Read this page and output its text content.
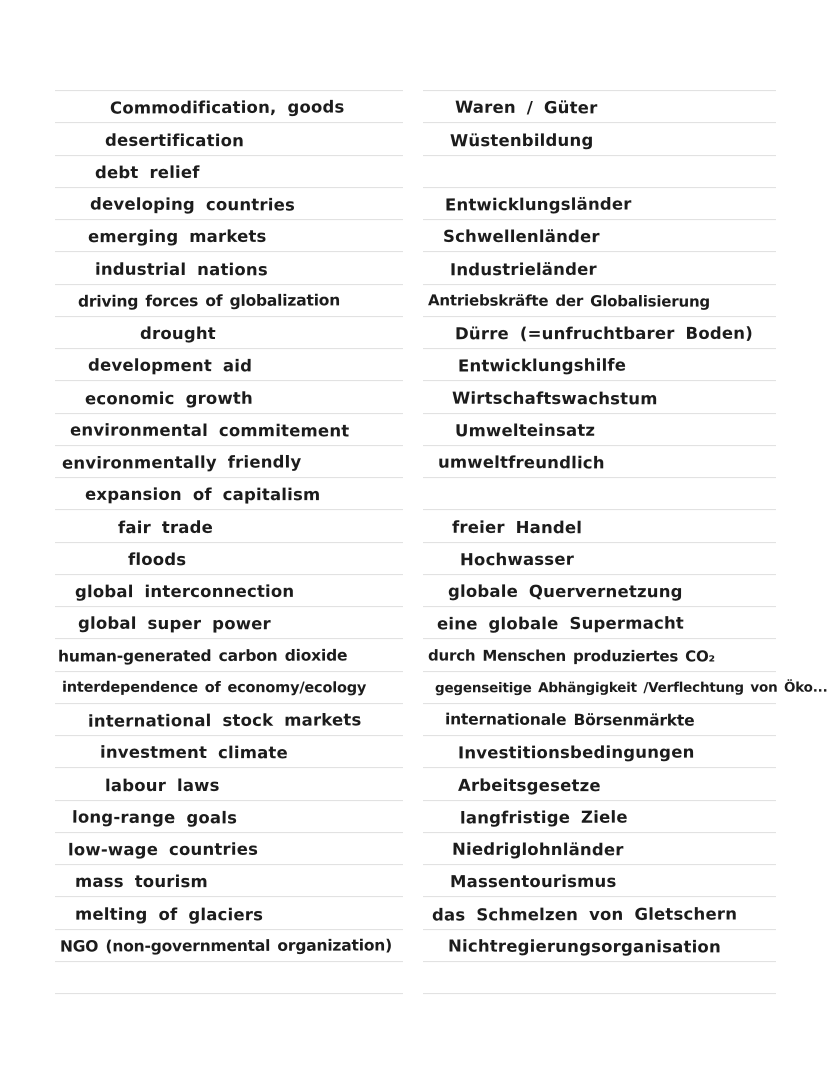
Commodification, goods
desertification
debt relief
developing countries
emerging markets
industrial nations
driving forces of globalization
drought
development aid
economic growth
environmental commitement
environmentally friendly
expansion of capitalism
fair trade
floods
global interconnection
global super power
human-generated carbon dioxide
interdependence of economy/ecology
international stock markets
investment climate
labour laws
long-range goals
low-wage countries
mass tourism
melting of glaciers
NGO (non-governmental organization)
Waren / Güter
Wüstenbildung
Entwicklungsländer
Schwellenländer
Industrieländer
Antriebskräfte der Globalisierung
Dürre (=unfruchtbarer Boden)
Entwicklungshilfe
Wirtschaftswachstum
Umwelteinsatz
umweltfreundlich
freier Handel
Hochwasser
globale Quervernetzung
eine globale Supermacht
durch Menschen produziertes CO₂
gegenseitige Abhängigkeit /Verflechtung von Öko...
internationale Börsenmärkte
Investitionsbedingungen
Arbeitsgesetze
langfristige Ziele
Niedriglohnländer
Massentourismus
das Schmelzen von Gletschern
Nichtregierungsorganisation
